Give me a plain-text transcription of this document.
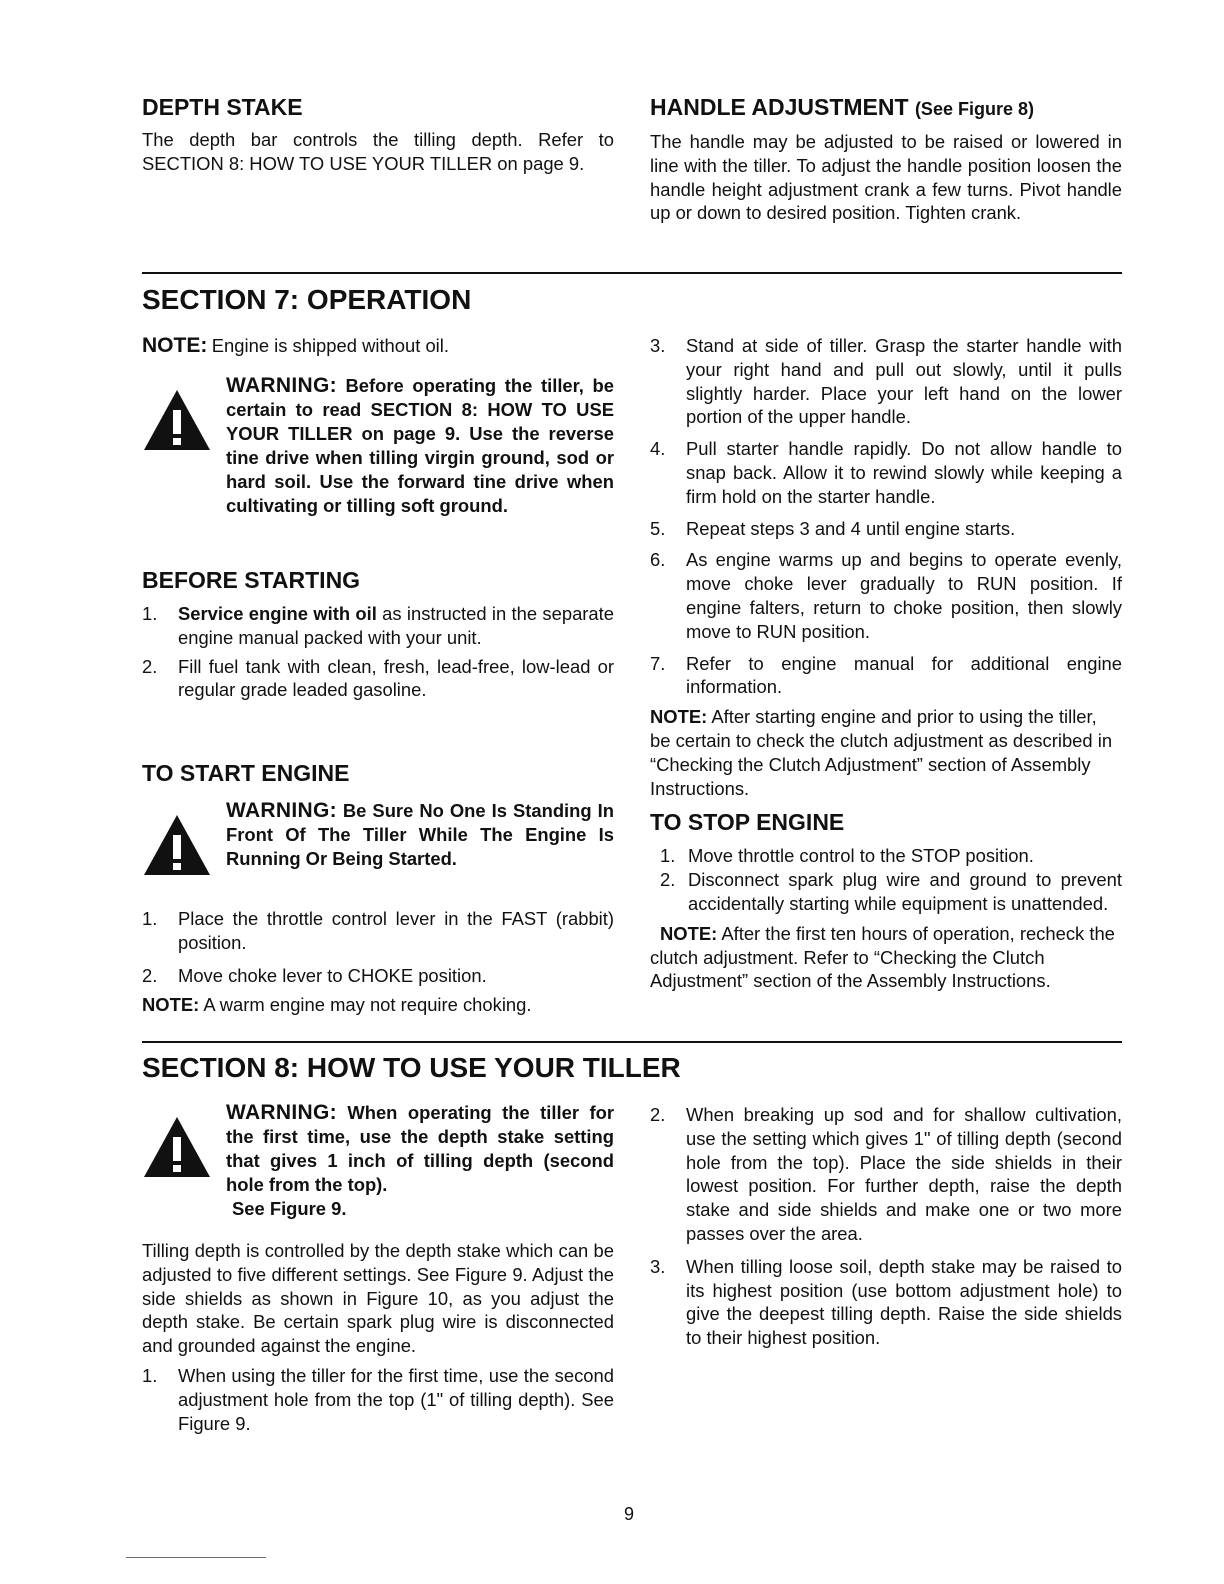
DEPTH STAKE

The depth bar controls the tilling depth. Refer to SECTION 8: HOW TO USE YOUR TILLER on page 9.

HANDLE ADJUSTMENT (See Figure 8)

The handle may be adjusted to be raised or lowered in line with the tiller. To adjust the handle position loosen the handle height adjustment crank a few turns. Pivot handle up or down to desired position. Tighten crank.

SECTION 7: OPERATION
NOTE: Engine is shipped without oil.
WARNING: Before operating the tiller, be certain to read SECTION 8: HOW TO USE YOUR TILLER on page 9. Use the reverse tine drive when tilling virgin ground, sod or hard soil. Use the forward tine drive when cultivating or tilling soft ground.
BEFORE STARTING
1. Service engine with oil as instructed in the separate engine manual packed with your unit.
2. Fill fuel tank with clean, fresh, lead-free, low-lead or regular grade leaded gasoline.
TO START ENGINE
WARNING: Be Sure No One Is Standing In Front Of The Tiller While The Engine Is Running Or Being Started.
1. Place the throttle control lever in the FAST (rabbit) position.
2. Move choke lever to CHOKE position.

NOTE: A warm engine may not require choking.

3. Stand at side of tiller. Grasp the starter handle with your right hand and pull out slowly, until it pulls slightly harder. Place your left hand on the lower portion of the upper handle.
4. Pull starter handle rapidly. Do not allow handle to snap back. Allow it to rewind slowly while keeping a firm hold on the starter handle.
5. Repeat steps 3 and 4 until engine starts.
6. As engine warms up and begins to operate evenly, move choke lever gradually to RUN position. If engine falters, return to choke position, then slowly move to RUN position.
7. Refer to engine manual for additional engine information.

NOTE: After starting engine and prior to using the tiller, be certain to check the clutch adjustment as described in “Checking the Clutch Adjustment” section of Assembly Instructions.

TO STOP ENGINE
1. Move throttle control to the STOP position.
2. Disconnect spark plug wire and ground to prevent accidentally starting while equipment is unattended.

NOTE: After the first ten hours of operation, recheck the clutch adjustment. Refer to “Checking the Clutch Adjustment” section of the Assembly Instructions.

SECTION 8: HOW TO USE YOUR TILLER
WARNING: When operating the tiller for the first time, use the depth stake setting that gives 1 inch of tilling depth (second hole from the top).
See Figure 9.

Tilling depth is controlled by the depth stake which can be adjusted to five different settings. See Figure 9. Adjust the side shields as shown in Figure 10, as you adjust the depth stake. Be certain spark plug wire is disconnected and grounded against the engine.

1. When using the tiller for the first time, use the second adjustment hole from the top (1" of tilling depth). See Figure 9.
2. When breaking up sod and for shallow cultivation, use the setting which gives 1" of tilling depth (second hole from the top). Place the side shields in their lowest position. For further depth, raise the depth stake and side shields and make one or two more passes over the area.
3. When tilling loose soil, depth stake may be raised to its highest position (use bottom adjustment hole) to give the deepest tilling depth. Raise the side shields to their highest position.
9
